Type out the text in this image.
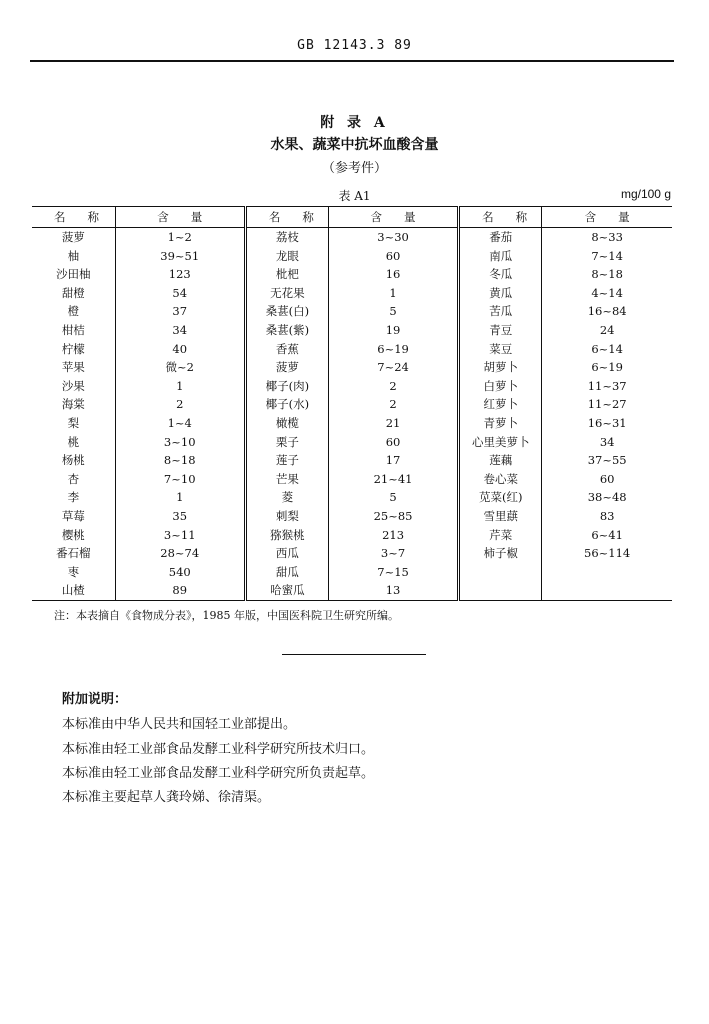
GB 12143.3 89
附 录 A
水果、蔬菜中抗坏血酸含量
（参考件）
表 A1	mg/100 g
名称	含量	名称	含量	名称	含量
菠萝	1~2	荔枝	3~30	番茄	8~33
柚	39~51	龙眼	60	南瓜	7~14
沙田柚	123	枇杷	16	冬瓜	8~18
甜橙	54	无花果	1	黄瓜	4~14
橙	37	桑葚(白)	5	苦瓜	16~84
柑桔	34	桑葚(紫)	19	青豆	24
柠檬	40	香蕉	6~19	菜豆	6~14
苹果	微~2	菠萝	7~24	胡萝卜	6~19
沙果	1	椰子(肉)	2	白萝卜	11~37
海棠	2	椰子(水)	2	红萝卜	11~27
梨	1~4	橄榄	21	青萝卜	16~31
桃	3~10	栗子	60	心里美萝卜	34
杨桃	8~18	莲子	17	莲藕	37~55
杏	7~10	芒果	21~41	卷心菜	60
李	1	菱	5	苋菜(红)	38~48
草莓	35	刺梨	25~85	雪里蕻	83
樱桃	3~11	猕猴桃	213	芹菜	6~41
番石榴	28~74	西瓜	3~7	柿子椒	56~114
枣	540	甜瓜	7~15		
山楂	89	哈蜜瓜	13		
注：本表摘自《食物成分表》，1985 年版，中国医科院卫生研究所编。
附加说明：
本标准由中华人民共和国轻工业部提出。
本标准由轻工业部食品发酵工业科学研究所技术归口。
本标准由轻工业部食品发酵工业科学研究所负责起草。
本标准主要起草人龚玲娣、徐清渠。
